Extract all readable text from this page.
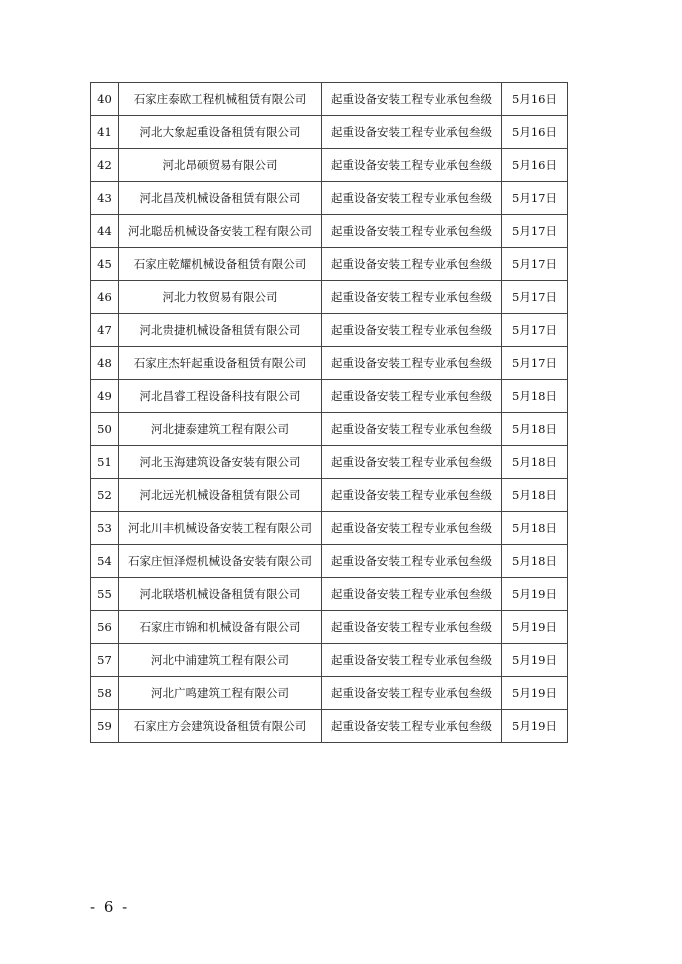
40	石家庄泰欧工程机械租赁有限公司	起重设备安装工程专业承包叁级	5月16日
41	河北大象起重设备租赁有限公司	起重设备安装工程专业承包叁级	5月16日
42	河北昂硕贸易有限公司	起重设备安装工程专业承包叁级	5月16日
43	河北昌茂机械设备租赁有限公司	起重设备安装工程专业承包叁级	5月17日
44	河北聪岳机械设备安装工程有限公司	起重设备安装工程专业承包叁级	5月17日
45	石家庄乾耀机械设备租赁有限公司	起重设备安装工程专业承包叁级	5月17日
46	河北力牧贸易有限公司	起重设备安装工程专业承包叁级	5月17日
47	河北贵捷机械设备租赁有限公司	起重设备安装工程专业承包叁级	5月17日
48	石家庄杰轩起重设备租赁有限公司	起重设备安装工程专业承包叁级	5月17日
49	河北昌睿工程设备科技有限公司	起重设备安装工程专业承包叁级	5月18日
50	河北捷泰建筑工程有限公司	起重设备安装工程专业承包叁级	5月18日
51	河北玉海建筑设备安装有限公司	起重设备安装工程专业承包叁级	5月18日
52	河北远光机械设备租赁有限公司	起重设备安装工程专业承包叁级	5月18日
53	河北川丰机械设备安装工程有限公司	起重设备安装工程专业承包叁级	5月18日
54	石家庄恒泽煜机械设备安装有限公司	起重设备安装工程专业承包叁级	5月18日
55	河北联塔机械设备租赁有限公司	起重设备安装工程专业承包叁级	5月19日
56	石家庄市锦和机械设备有限公司	起重设备安装工程专业承包叁级	5月19日
57	河北中浦建筑工程有限公司	起重设备安装工程专业承包叁级	5月19日
58	河北广鸣建筑工程有限公司	起重设备安装工程专业承包叁级	5月19日
59	石家庄方会建筑设备租赁有限公司	起重设备安装工程专业承包叁级	5月19日
- 6 -
